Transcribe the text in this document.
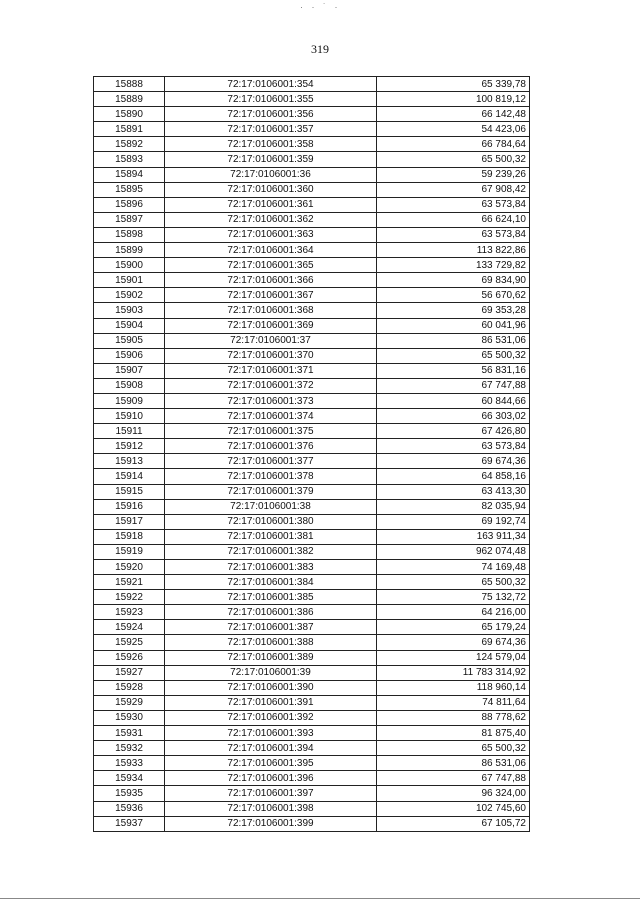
· · ˙ ·
319
15888	72:17:0106001:354	65 339,78
15889	72:17:0106001:355	100 819,12
15890	72:17:0106001:356	66 142,48
15891	72:17:0106001:357	54 423,06
15892	72:17:0106001:358	66 784,64
15893	72:17:0106001:359	65 500,32
15894	72:17:0106001:36	59 239,26
15895	72:17:0106001:360	67 908,42
15896	72:17:0106001:361	63 573,84
15897	72:17:0106001:362	66 624,10
15898	72:17:0106001:363	63 573,84
15899	72:17:0106001:364	113 822,86
15900	72:17:0106001:365	133 729,82
15901	72:17:0106001:366	69 834,90
15902	72:17:0106001:367	56 670,62
15903	72:17:0106001:368	69 353,28
15904	72:17:0106001:369	60 041,96
15905	72:17:0106001:37	86 531,06
15906	72:17:0106001:370	65 500,32
15907	72:17:0106001:371	56 831,16
15908	72:17:0106001:372	67 747,88
15909	72:17:0106001:373	60 844,66
15910	72:17:0106001:374	66 303,02
15911	72:17:0106001:375	67 426,80
15912	72:17:0106001:376	63 573,84
15913	72:17:0106001:377	69 674,36
15914	72:17:0106001:378	64 858,16
15915	72:17:0106001:379	63 413,30
15916	72:17:0106001:38	82 035,94
15917	72:17:0106001:380	69 192,74
15918	72:17:0106001:381	163 911,34
15919	72:17:0106001:382	962 074,48
15920	72:17:0106001:383	74 169,48
15921	72:17:0106001:384	65 500,32
15922	72:17:0106001:385	75 132,72
15923	72:17:0106001:386	64 216,00
15924	72:17:0106001:387	65 179,24
15925	72:17:0106001:388	69 674,36
15926	72:17:0106001:389	124 579,04
15927	72:17:0106001:39	11 783 314,92
15928	72:17:0106001:390	118 960,14
15929	72:17:0106001:391	74 811,64
15930	72:17:0106001:392	88 778,62
15931	72:17:0106001:393	81 875,40
15932	72:17:0106001:394	65 500,32
15933	72:17:0106001:395	86 531,06
15934	72:17:0106001:396	67 747,88
15935	72:17:0106001:397	96 324,00
15936	72:17:0106001:398	102 745,60
15937	72:17:0106001:399	67 105,72
